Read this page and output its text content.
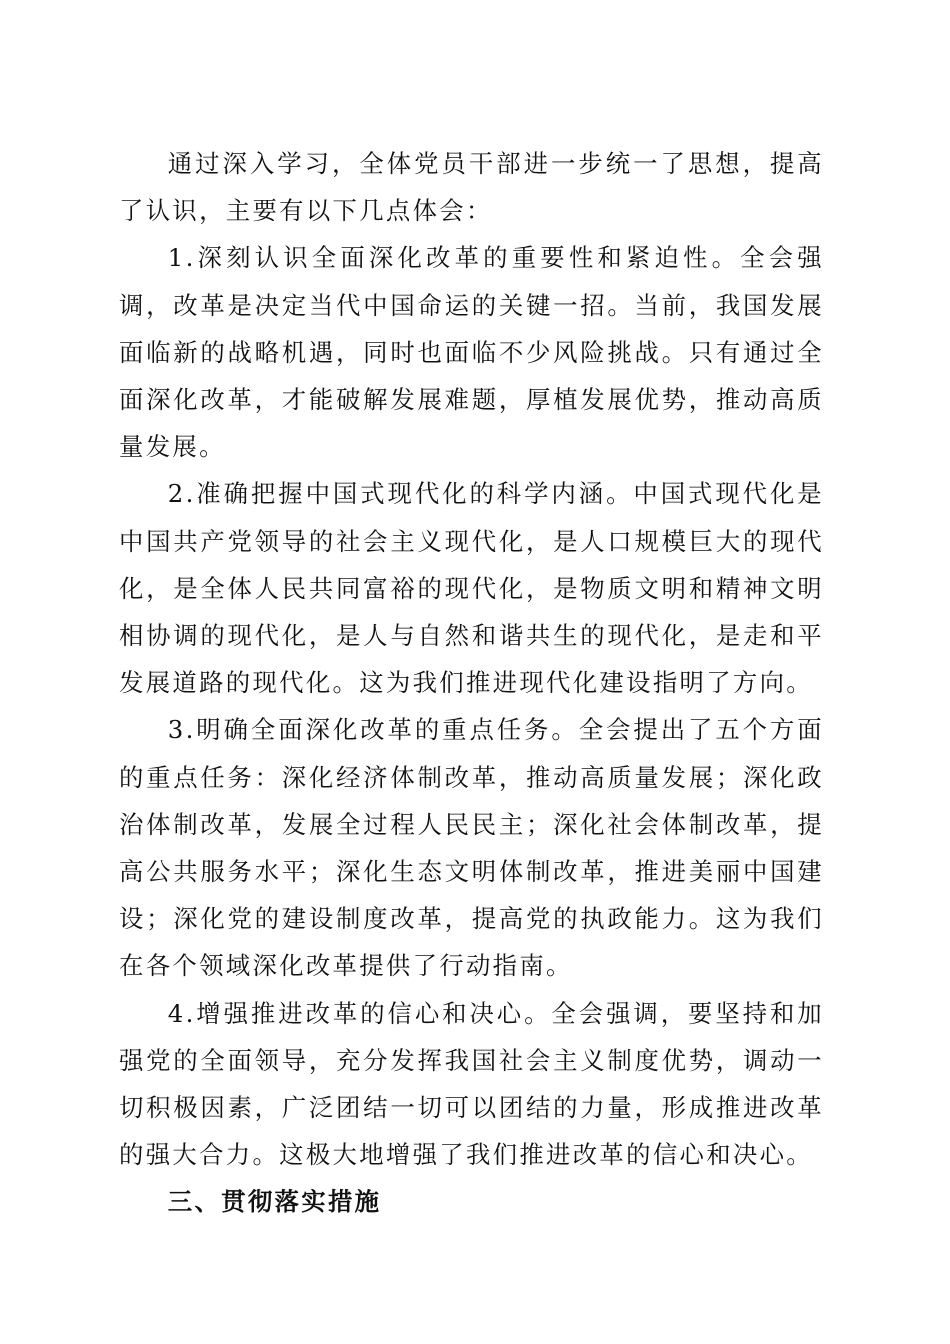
通过深入学习，全体党员干部进一步统一了思想，提高了认识，主要有以下几点体会：

1.深刻认识全面深化改革的重要性和紧迫性。全会强调，改革是决定当代中国命运的关键一招。当前，我国发展面临新的战略机遇，同时也面临不少风险挑战。只有通过全面深化改革，才能破解发展难题，厚植发展优势，推动高质量发展。

2.准确把握中国式现代化的科学内涵。中国式现代化是中国共产党领导的社会主义现代化，是人口规模巨大的现代化，是全体人民共同富裕的现代化，是物质文明和精神文明相协调的现代化，是人与自然和谐共生的现代化，是走和平发展道路的现代化。这为我们推进现代化建设指明了方向。

3.明确全面深化改革的重点任务。全会提出了五个方面的重点任务：深化经济体制改革，推动高质量发展；深化政治体制改革，发展全过程人民民主；深化社会体制改革，提高公共服务水平；深化生态文明体制改革，推进美丽中国建设；深化党的建设制度改革，提高党的执政能力。这为我们在各个领域深化改革提供了行动指南。

4.增强推进改革的信心和决心。全会强调，要坚持和加强党的全面领导，充分发挥我国社会主义制度优势，调动一切积极因素，广泛团结一切可以团结的力量，形成推进改革的强大合力。这极大地增强了我们推进改革的信心和决心。

三、贯彻落实措施
